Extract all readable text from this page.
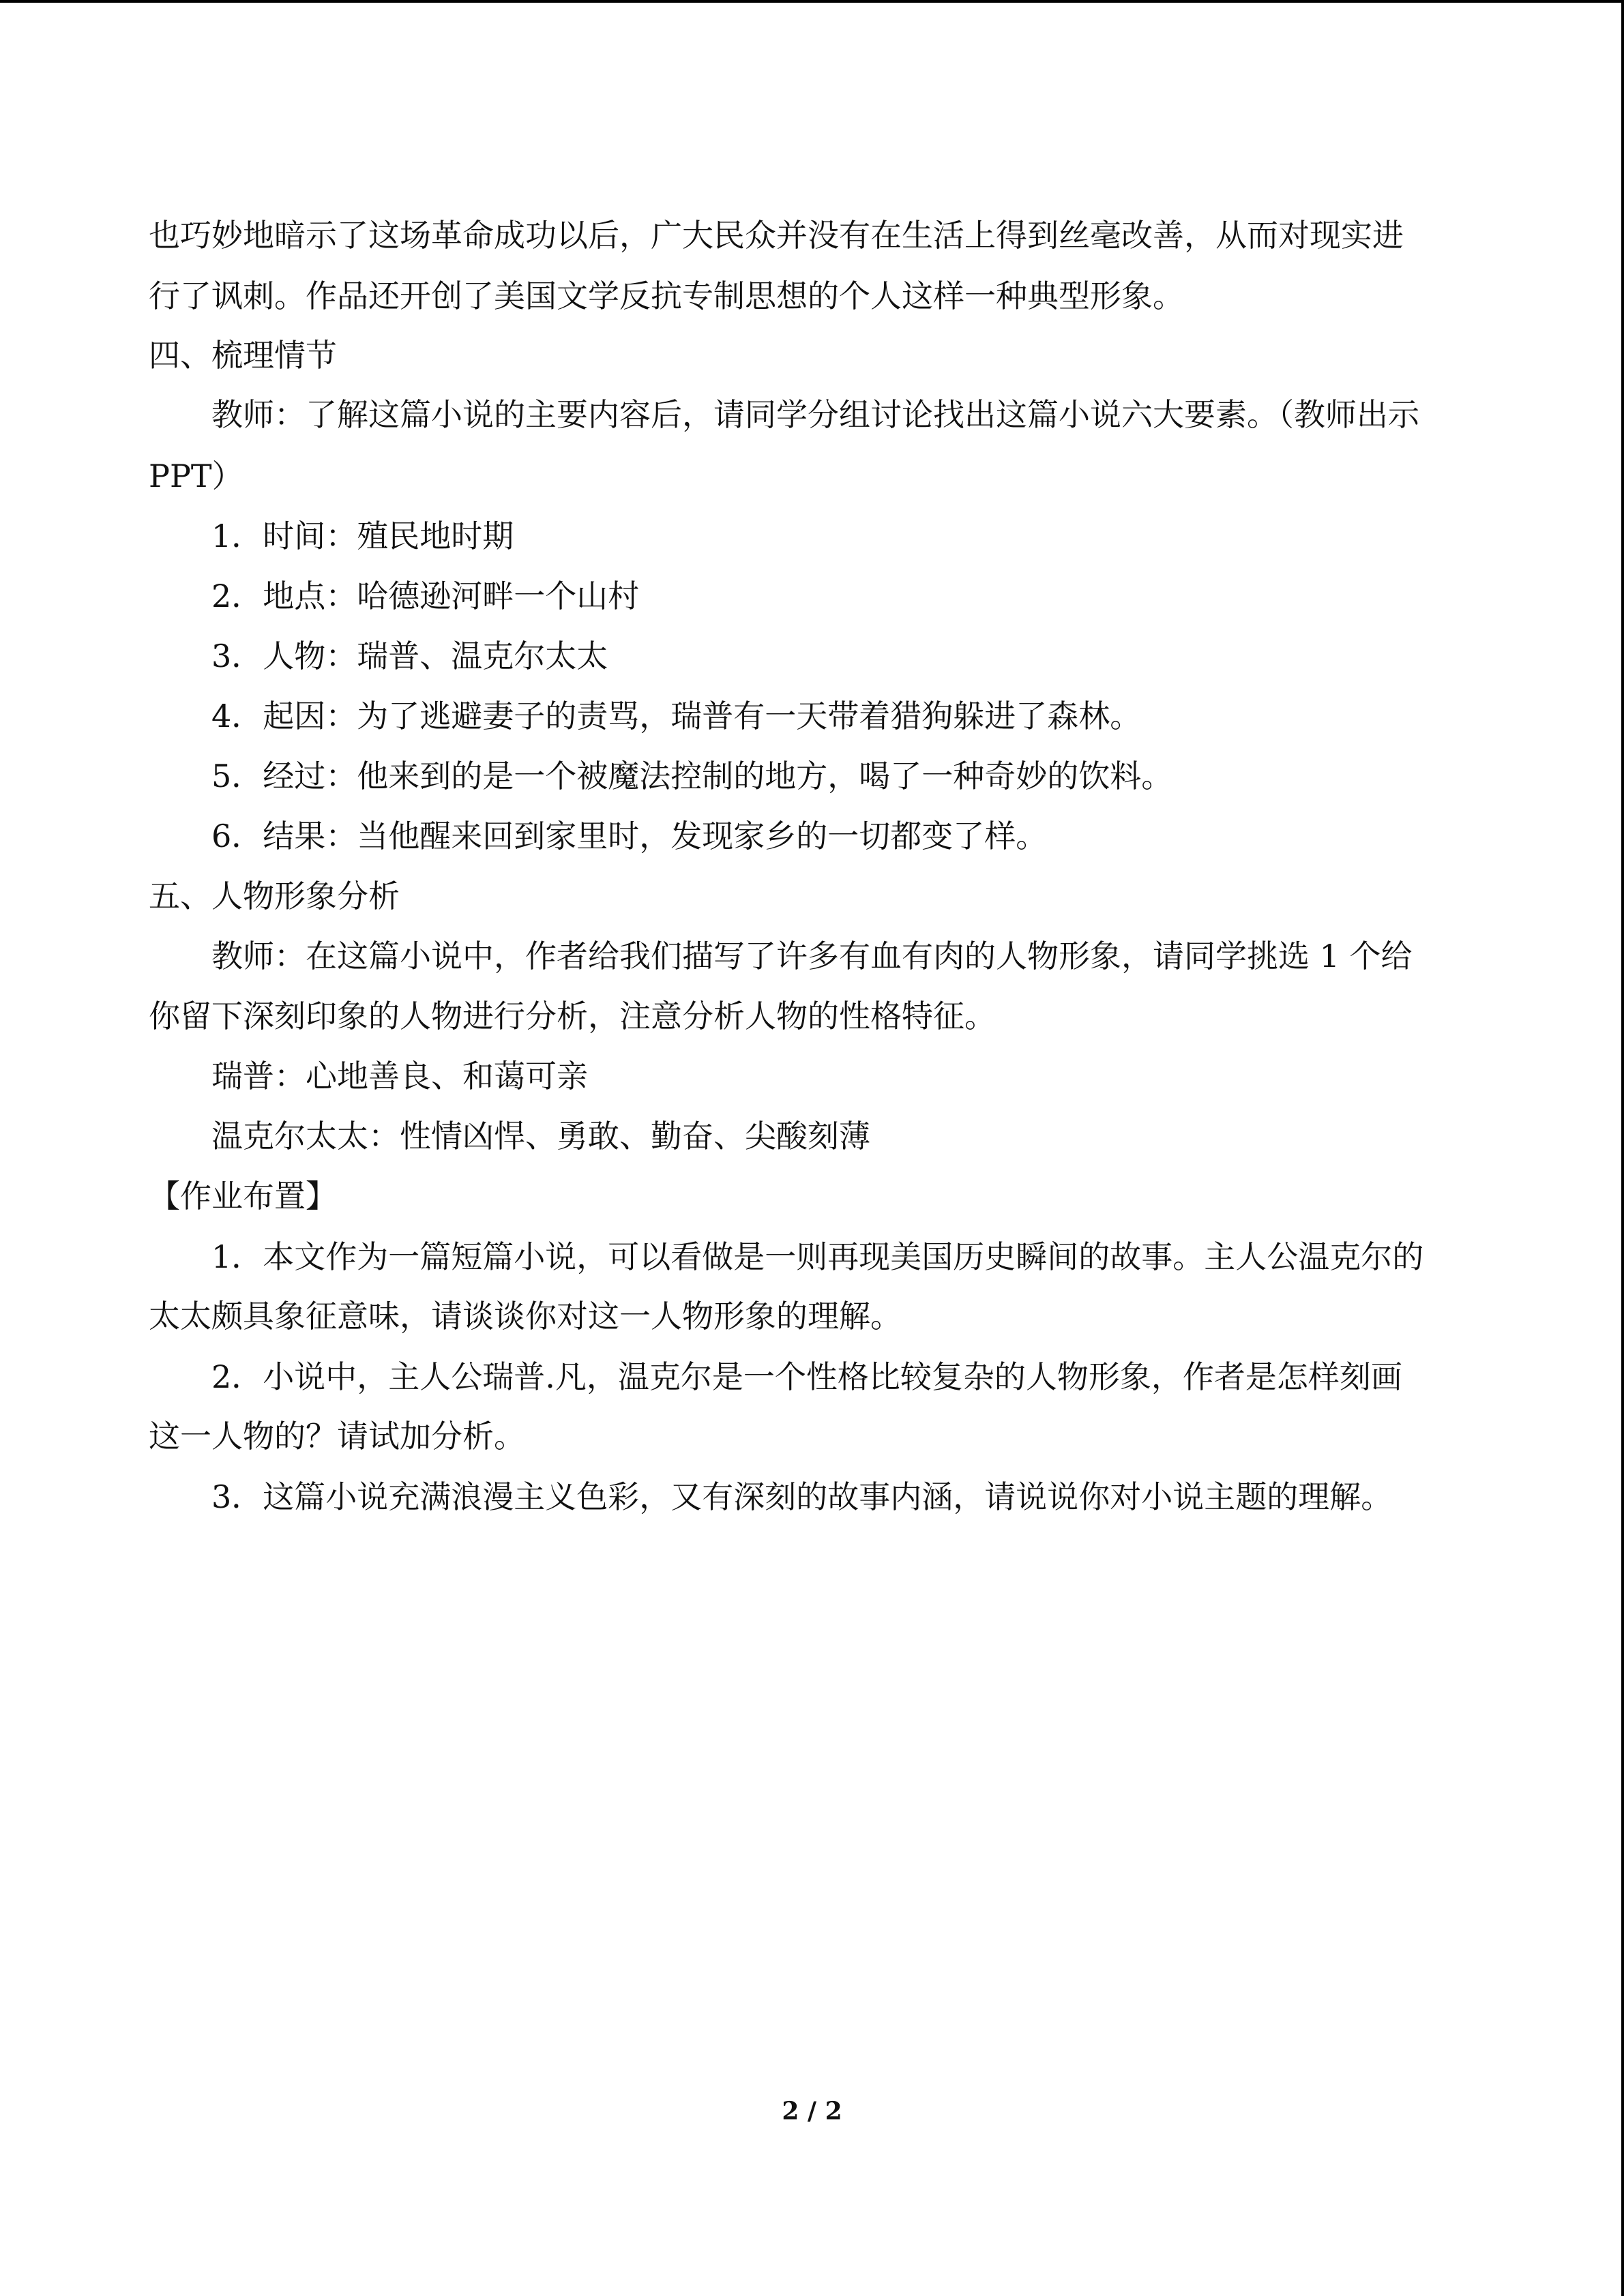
也巧妙地暗示了这场革命成功以后，广大民众并没有在生活上得到丝毫改善，从而对现实进
行了讽刺。作品还开创了美国文学反抗专制思想的个人这样一种典型形象。
四、梳理情节
教师：了解这篇小说的主要内容后，请同学分组讨论找出这篇小说六大要素。（教师出示
PPT）
1．时间：殖民地时期
2．地点：哈德逊河畔一个山村
3．人物：瑞普、温克尔太太
4．起因：为了逃避妻子的责骂，瑞普有一天带着猎狗躲进了森林。
5．经过：他来到的是一个被魔法控制的地方，喝了一种奇妙的饮料。
6．结果：当他醒来回到家里时，发现家乡的一切都变了样。
五、人物形象分析
教师：在这篇小说中，作者给我们描写了许多有血有肉的人物形象，请同学挑选 1 个给
你留下深刻印象的人物进行分析，注意分析人物的性格特征。
瑞普：心地善良、和蔼可亲
温克尔太太：性情凶悍、勇敢、勤奋、尖酸刻薄
【作业布置】
1．本文作为一篇短篇小说，可以看做是一则再现美国历史瞬间的故事。主人公温克尔的
太太颇具象征意味，请谈谈你对这一人物形象的理解。
2．小说中，主人公瑞普.凡，温克尔是一个性格比较复杂的人物形象，作者是怎样刻画
这一人物的？请试加分析。
3．这篇小说充满浪漫主义色彩，又有深刻的故事内涵，请说说你对小说主题的理解。
2 / 2
